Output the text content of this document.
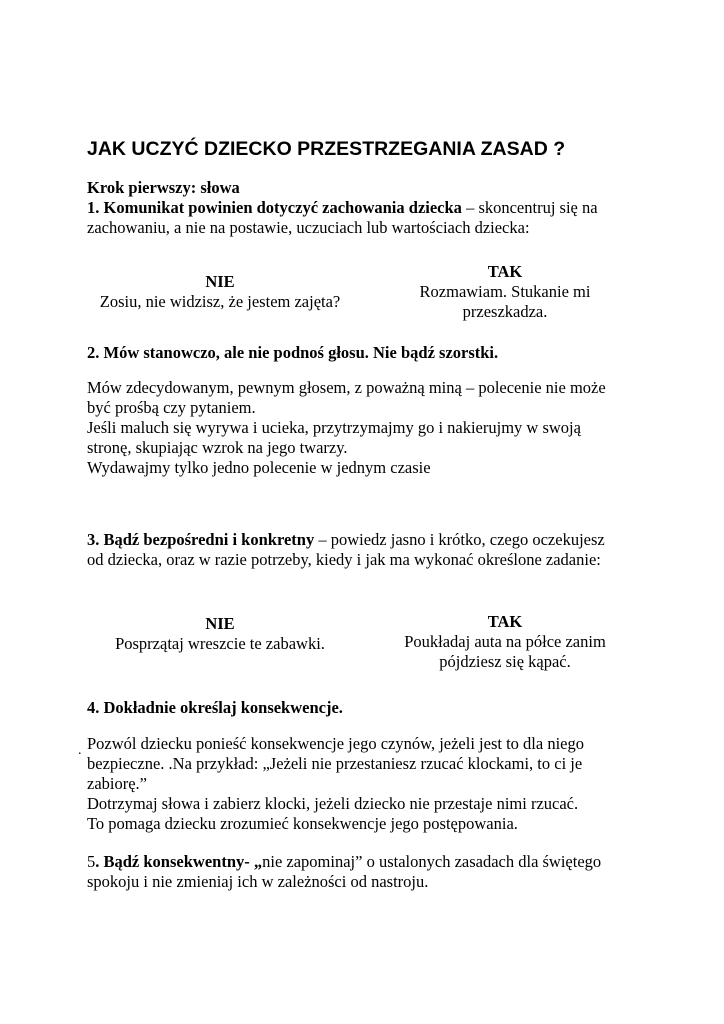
JAK UCZYĆ DZIECKO PRZESTRZEGANIA ZASAD ?

Krok pierwszy: słowa

1. Komunikat powinien dotyczyć zachowania dziecka – skoncentruj się na

zachowaniu, a nie na postawie, uczuciach lub wartościach dziecka:

NIE
Zosiu, nie widzisz, że jestem zajęta?
TAK
Rozmawiam. Stukanie mi
przeszkadza.

2. Mów stanowczo, ale nie podnoś głosu. Nie bądź szorstki.

Mów zdecydowanym, pewnym głosem, z poważną miną – polecenie nie może

być prośbą czy pytaniem.

Jeśli maluch się wyrywa i ucieka, przytrzymajmy go i nakierujmy w swoją

stronę, skupiając wzrok na jego twarzy.

Wydawajmy tylko jedno polecenie w jednym czasie

3. Bądź bezpośredni i konkretny – powiedz jasno i krótko, czego oczekujesz

od dziecka, oraz w razie potrzeby, kiedy i jak ma wykonać określone zadanie:

NIE
Posprzątaj wreszcie te zabawki.
TAK
Poukładaj auta na półce zanim
pójdziesz się kąpać.

4. Dokładnie określaj konsekwencje.

. Pozwól dziecku ponieść konsekwencje jego czynów, jeżeli jest to dla niego

bezpieczne. .Na przykład: „Jeżeli nie przestaniesz rzucać klockami, to ci je

zabiorę.”

Dotrzymaj słowa i zabierz klocki, jeżeli dziecko nie przestaje nimi rzucać.

To pomaga dziecku zrozumieć konsekwencje jego postępowania.

5. Bądź konsekwentny- „nie zapominaj” o ustalonych zasadach dla świętego

spokoju i nie zmieniaj ich w zależności od nastroju.
